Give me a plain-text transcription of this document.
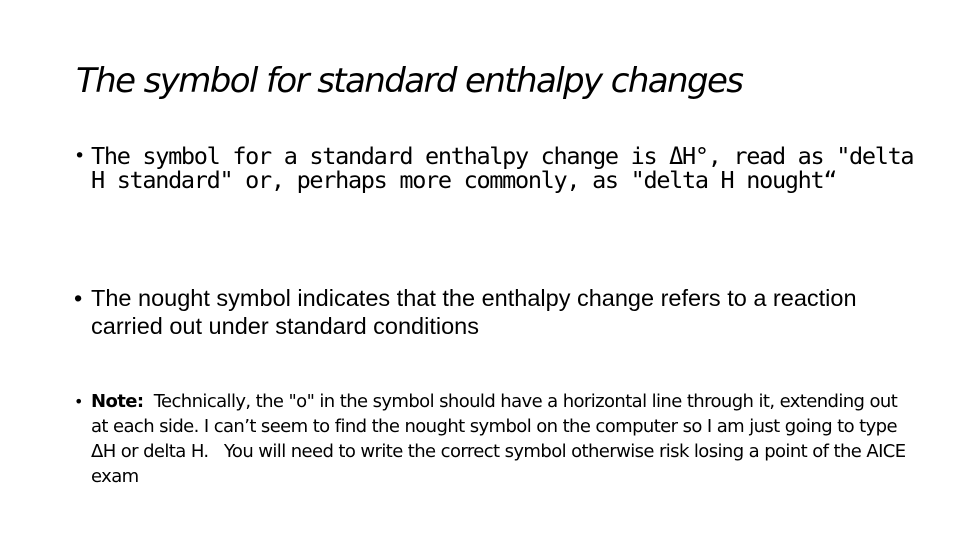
The symbol for standard enthalpy changes
• The symbol for a standard enthalpy change is ΔH°, read as "delta H standard" or, perhaps more commonly, as "delta H nought“

• The nought symbol indicates that the enthalpy change refers to a reaction carried out under standard conditions

• Note:  Technically, the "o" in the symbol should have a horizontal line through it, extending out at each side. I can’t seem to find the nought symbol on the computer so I am just going to type ΔH or delta H.   You will need to write the correct symbol otherwise risk losing a point of the AICE exam
